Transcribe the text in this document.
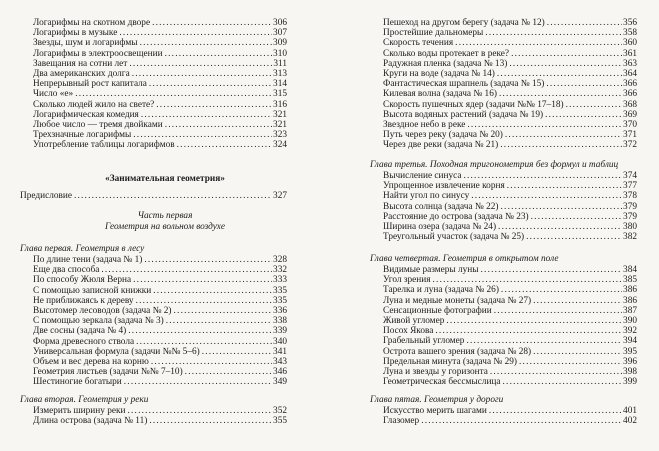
Логарифмы на скотном дворе .....	306
Логарифмы в музыке .....	307
Звезды, шум и логарифмы .....	309
Логарифмы в электроосвещении .....	310
Завещания на сотни лет .....	311
Два американских долга .....	313
Непрерывный рост капитала .....	314
Число «е» .....	315
Сколько людей жило на свете? .....	316
Логарифмическая комедия .....	321
Любое число — тремя двойками .....	321
Трехзначные логарифмы .....	323
Употребление таблицы логарифмов .....	324
«Занимательная геометрия»
Предисловие .....	327
Часть первая
Геометрия на вольном воздухе
Глава первая. Геометрия в лесу
По длине тени (задача № 1) .....	328
Еще два способа .....	332
По способу Жюля Верна .....	333
С помощью записной книжки .....	335
Не приближаясь к дереву .....	335
Высотомер лесоводов (задача № 2) .....	336
С помощью зеркала (задача № 3) .....	338
Две сосны (задача № 4) .....	339
Форма древесного ствола .....	340
Универсальная формула (задачи №№ 5–6) .....	341
Объем и вес дерева на корню .....	343
Геометрия листьев (задачи №№ 7–10) .....	346
Шестиногие богатыри .....	349
Глава вторая. Геометрия у реки
Измерить ширину реки .....	352
Длина острова (задача № 11) .....	355
Пешеход на другом берегу (задача № 12) .....	356
Простейшие дальномеры .....	358
Скорость течения .....	360
Сколько воды протекает в реке? .....	361
Радужная пленка (задача № 13) .....	363
Круги на воде (задача № 14) .....	364
Фантастическая шрапнель (задача № 15) .....	366
Килевая волна (задача № 16) .....	366
Скорость пушечных ядер (задачи №№ 17–18) .....	368
Высота водяных растений (задача № 19) .....	369
Звездное небо в реке .....	370
Путь через реку (задача № 20) .....	371
Через две реки (задача № 21) .....	372
Глава третья. Походная тригонометрия без формул и таблиц
Вычисление синуса .....	374
Упрощенное извлечение корня .....	377
Найти угол по синусу .....	378
Высота солнца (задача № 22) .....	379
Расстояние до острова (задача № 23) .....	379
Ширина озера (задача № 24) .....	380
Треугольный участок (задача № 25) .....	382
Глава четвертая. Геометрия в открытом поле
Видимые размеры луны .....	384
Угол зрения .....	385
Тарелка и луна (задача № 26) .....	386
Луна и медные монеты (задача № 27) .....	386
Сенсационные фотографии .....	387
Живой угломер .....	390
Посох Якова .....	392
Грабельный угломер .....	394
Острота вашего зрения (задача № 28) .....	395
Предельная минута (задача № 29) .....	396
Луна и звезды у горизонта .....	398
Геометрическая бессмыслица .....	399
Глава пятая. Геометрия у дороги
Искусство мерить шагами .....	401
Глазомер .....	402
